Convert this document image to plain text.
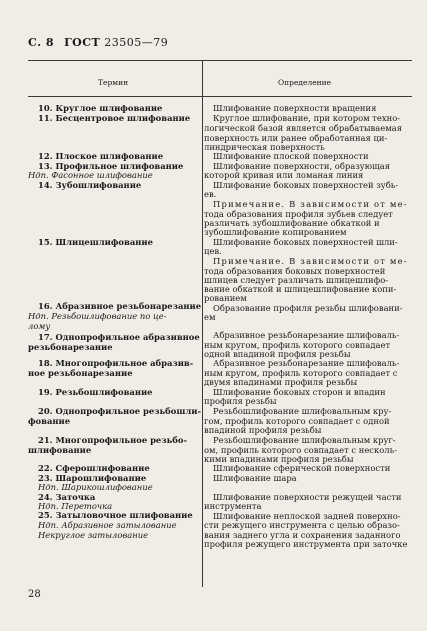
С. 8 ГОСТ 23505—79
Термин	Определение
10. Круглое шлифование
11. Бесцентровое шлифование
12. Плоское шлифование
13. Профильное шлифование
Ндп. Фасонное шлифование
14. Зубошлифование
15. Шлицешлифование
16. Абразивное резьбонарезание
Ндп. Резьбошлифование по це-
лому
17. Однопрофильное абразивное
резьбонарезание
18. Многопрофильное абразив-
ное резьбонарезание
19. Резьбошлифование
20. Однопрофильное резьбошли-
фование
21. Многопрофильное резьбо-
шлифование
22. Сферошлифование
23. Шарошлифование
Ндп. Шарикошлифование
24. Заточка
Ндп. Переточка
25. Затыловочное шлифование
Ндп. Абразивное затылование
Некруглое затылование
Шлифование поверхности вращения
Круглое шлифование, при котором техно-
логической базой является обрабатываемая
поверхность или ранее обработанная ци-
линдрическая поверхность
Шлифование плоской поверхности
Шлифование поверхности, образующая
которой кривая или ломаная линия
Шлифование боковых поверхностей зубь-
ев.
Примечание. В зависимости от ме-
тода образования профиля зубьев следует
различать зубошлифование обкаткой и
зубошлифование копированием
Шлифование боковых поверхностей шли-
цев.
Примечание. В зависимости от ме-
тода образования боковых поверхностей
шлицев следует различать шлицешлифо-
вание обкаткой и шлицешлифование копи-
рованием
Образование профиля резьбы шлифовани-
ем
Абразивное резьбонарезание шлифоваль-
ным кругом, профиль которого совпадает
одной впадиной профиля резьбы
Абразивное резьбонарезание шлифоваль-
ным кругом, профиль которого совпадает с
двумя впадинами профиля резьбы
Шлифование боковых сторон и впадин
профиля резьбы
Резьбошлифование шлифовальным кру-
гом, профиль которого совпадает с одной
впадиной профиля резьбы
Резьбошлифование шлифовальным круг-
ом, профиль которого совпадает с несколь-
кими впадинами профиля резьбы
Шлифование сферической поверхности
Шлифование шара
Шлифование поверхности режущей части
инструмента
Шлифование неплоской задней поверхно-
сти режущего инструмента с целью образо-
вания заднего угла и сохранения заданного
профиля режущего инструмента при заточке
28
